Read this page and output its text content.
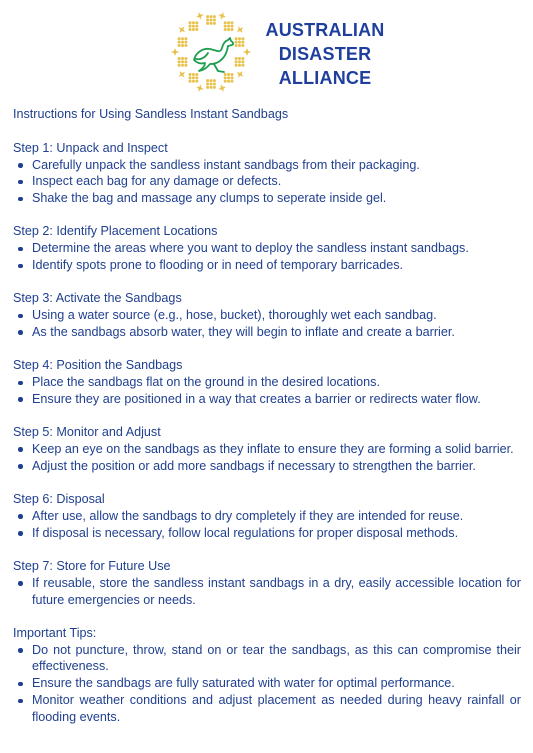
AUSTRALIAN
DISASTER
ALLIANCE
Instructions for Using Sandless Instant Sandbags
Step 1: Unpack and Inspect
Carefully unpack the sandless instant sandbags from their packaging.
Inspect each bag for any damage or defects.
Shake the bag and massage any clumps to seperate inside gel.
Step 2: Identify Placement Locations
Determine the areas where you want to deploy the sandless instant sandbags.
Identify spots prone to flooding or in need of temporary barricades.
Step 3: Activate the Sandbags
Using a water source (e.g., hose, bucket), thoroughly wet each sandbag.
As the sandbags absorb water, they will begin to inflate and create a barrier.
Step 4: Position the Sandbags
Place the sandbags flat on the ground in the desired locations.
Ensure they are positioned in a way that creates a barrier or redirects water flow.
Step 5: Monitor and Adjust
Keep an eye on the sandbags as they inflate to ensure they are forming a solid barrier.
Adjust the position or add more sandbags if necessary to strengthen the barrier.
Step 6: Disposal
After use, allow the sandbags to dry completely if they are intended for reuse.
If disposal is necessary, follow local regulations for proper disposal methods.
Step 7: Store for Future Use
If reusable, store the sandless instant sandbags in a dry, easily accessible location for future emergencies or needs.
Important Tips:
Do not puncture, throw, stand on or tear the sandbags, as this can compromise their effectiveness.
Ensure the sandbags are fully saturated with water for optimal performance.
Monitor weather conditions and adjust placement as needed during heavy rainfall or flooding events.
